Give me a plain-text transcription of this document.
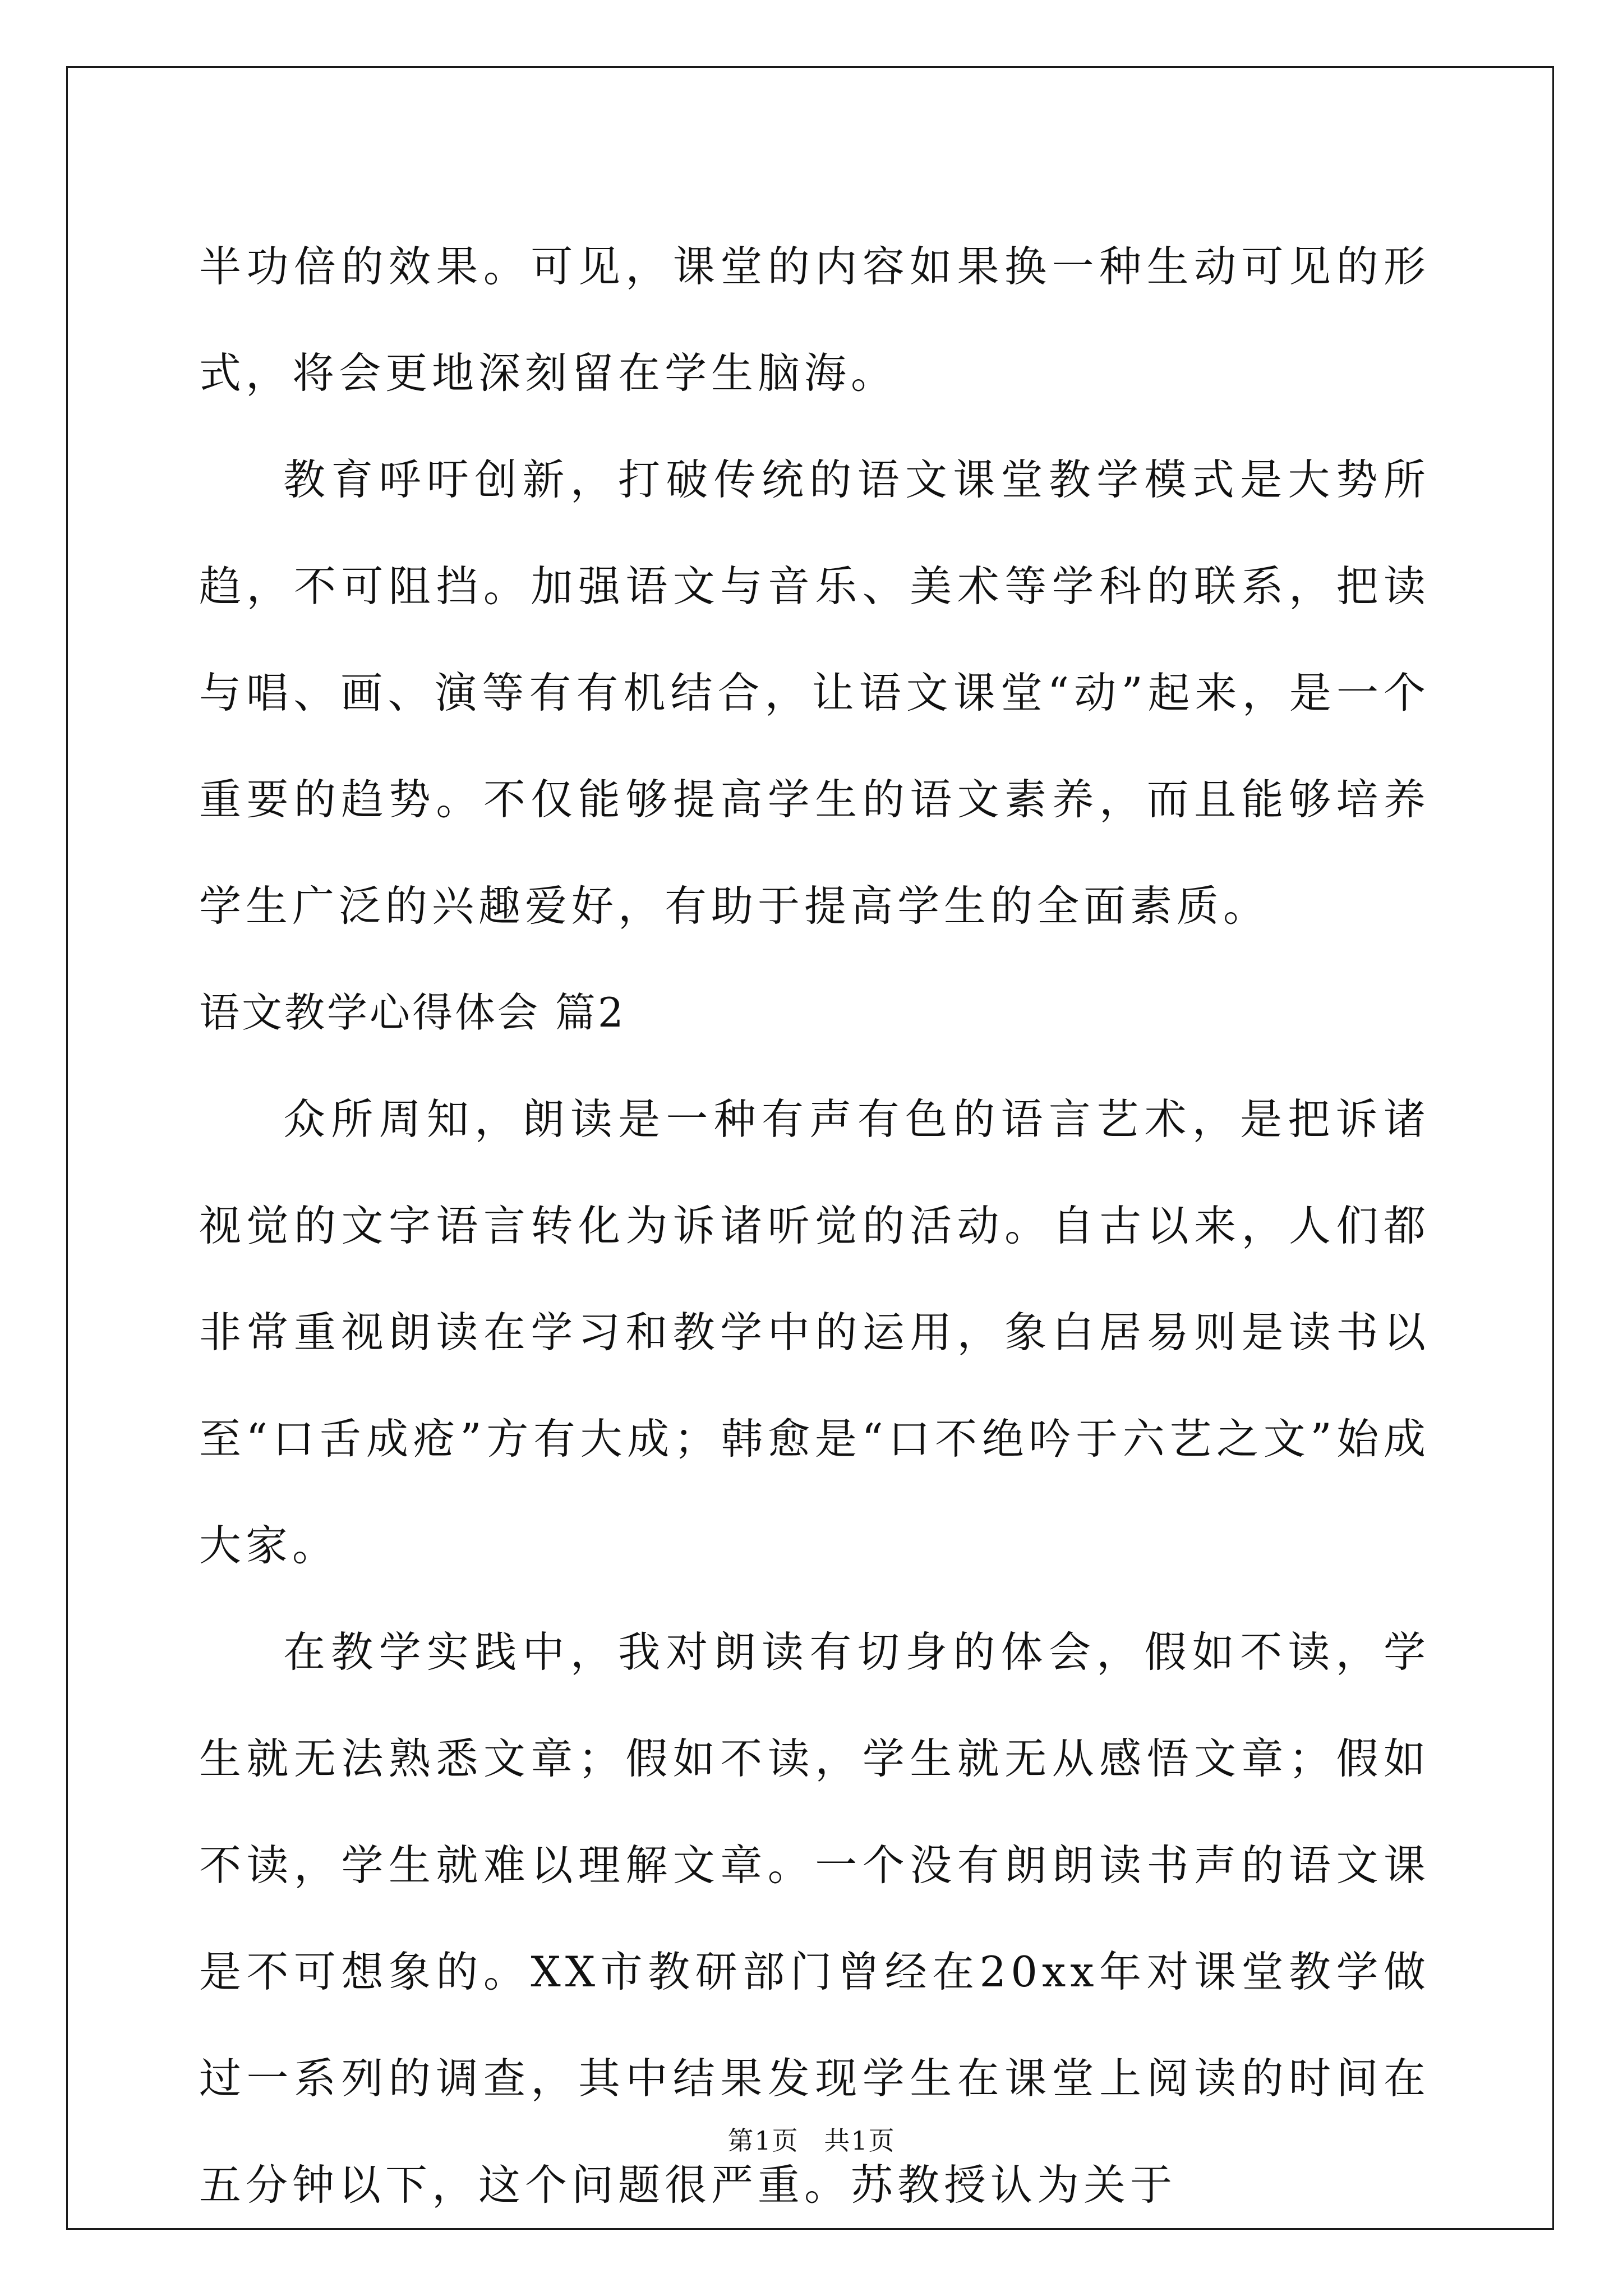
半功倍的效果。可见，课堂的内容如果换一种生动可见的形式，将会更地深刻留在学生脑海。

教育呼吁创新，打破传统的语文课堂教学模式是大势所趋，不可阻挡。加强语文与音乐、美术等学科的联系，把读与唱、画、演等有有机结合，让语文课堂“动”起来，是一个重要的趋势。不仅能够提高学生的语文素养，而且能够培养学生广泛的兴趣爱好，有助于提高学生的全面素质。

语文教学心得体会 篇2

众所周知，朗读是一种有声有色的语言艺术，是把诉诸视觉的文字语言转化为诉诸听觉的活动。自古以来，人们都非常重视朗读在学习和教学中的运用，象白居易则是读书以至“口舌成疮”方有大成；韩愈是“口不绝吟于六艺之文”始成大家。

在教学实践中，我对朗读有切身的体会，假如不读，学生就无法熟悉文章；假如不读，学生就无从感悟文章；假如不读，学生就难以理解文章。一个没有朗朗读书声的语文课是不可想象的。XX市教研部门曾经在20xx年对课堂教学做过一系列的调查，其中结果发现学生在课堂上阅读的时间在五分钟以下，这个问题很严重。苏教授认为关于

第1页 共1页
